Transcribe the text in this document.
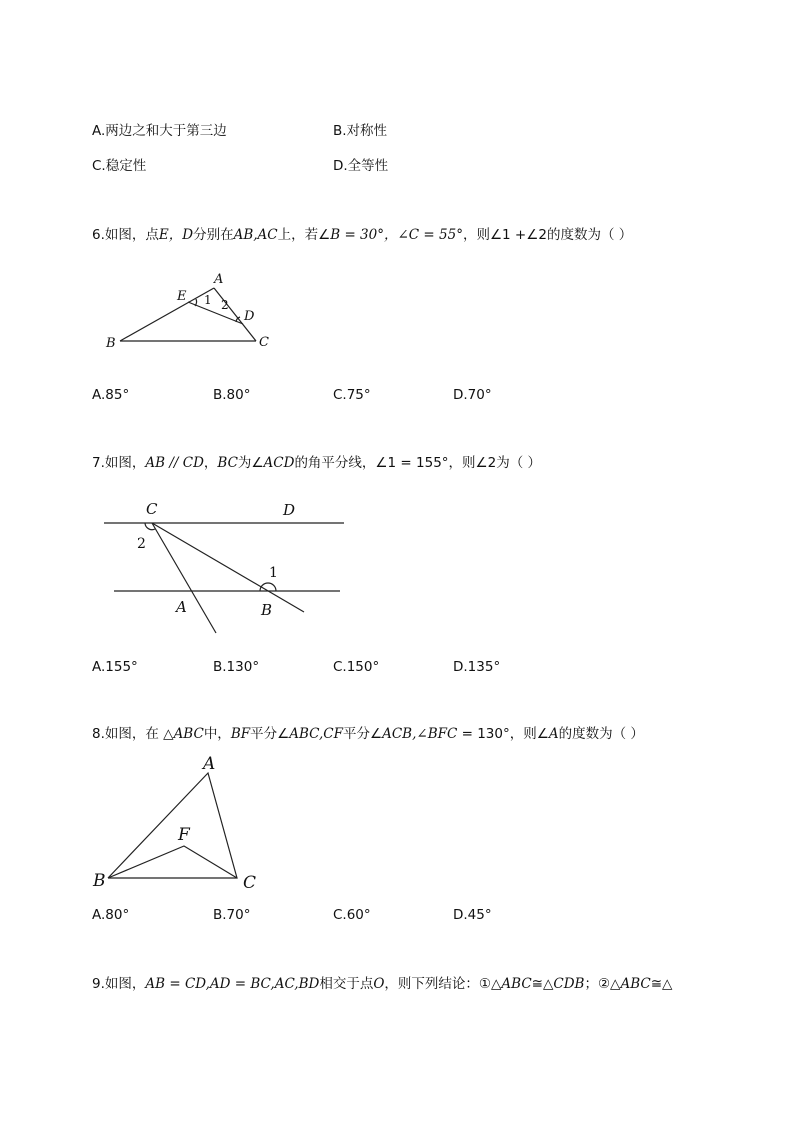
A.两边之和大于第三边	B.对称性
C.稳定性	D.全等性
6.如图，点E，D分别在AB,AC上，若∠B = 30°，∠C = 55°，则∠1 +∠2的度数为（ ）
A
B	C
D
E 1 2
A.85°	B.80°	C.75°	D.70°
7.如图，AB // CD，BC为∠ACD的角平分线，∠1 = 155°，则∠2为（ ）
C	D
A	B
2
1
A.155°	B.130°	C.150°	D.135°
8.如图，在 △ABC中，BF平分∠ABC,CF平分∠ACB,∠BFC = 130°，则∠A的度数为（ ）
A
B	C
F
A.80°	B.70°	C.60°	D.45°
9.如图，AB = CD,AD = BC,AC,BD相交于点O，则下列结论：①△ABC≅△CDB；②△ABC≅△
